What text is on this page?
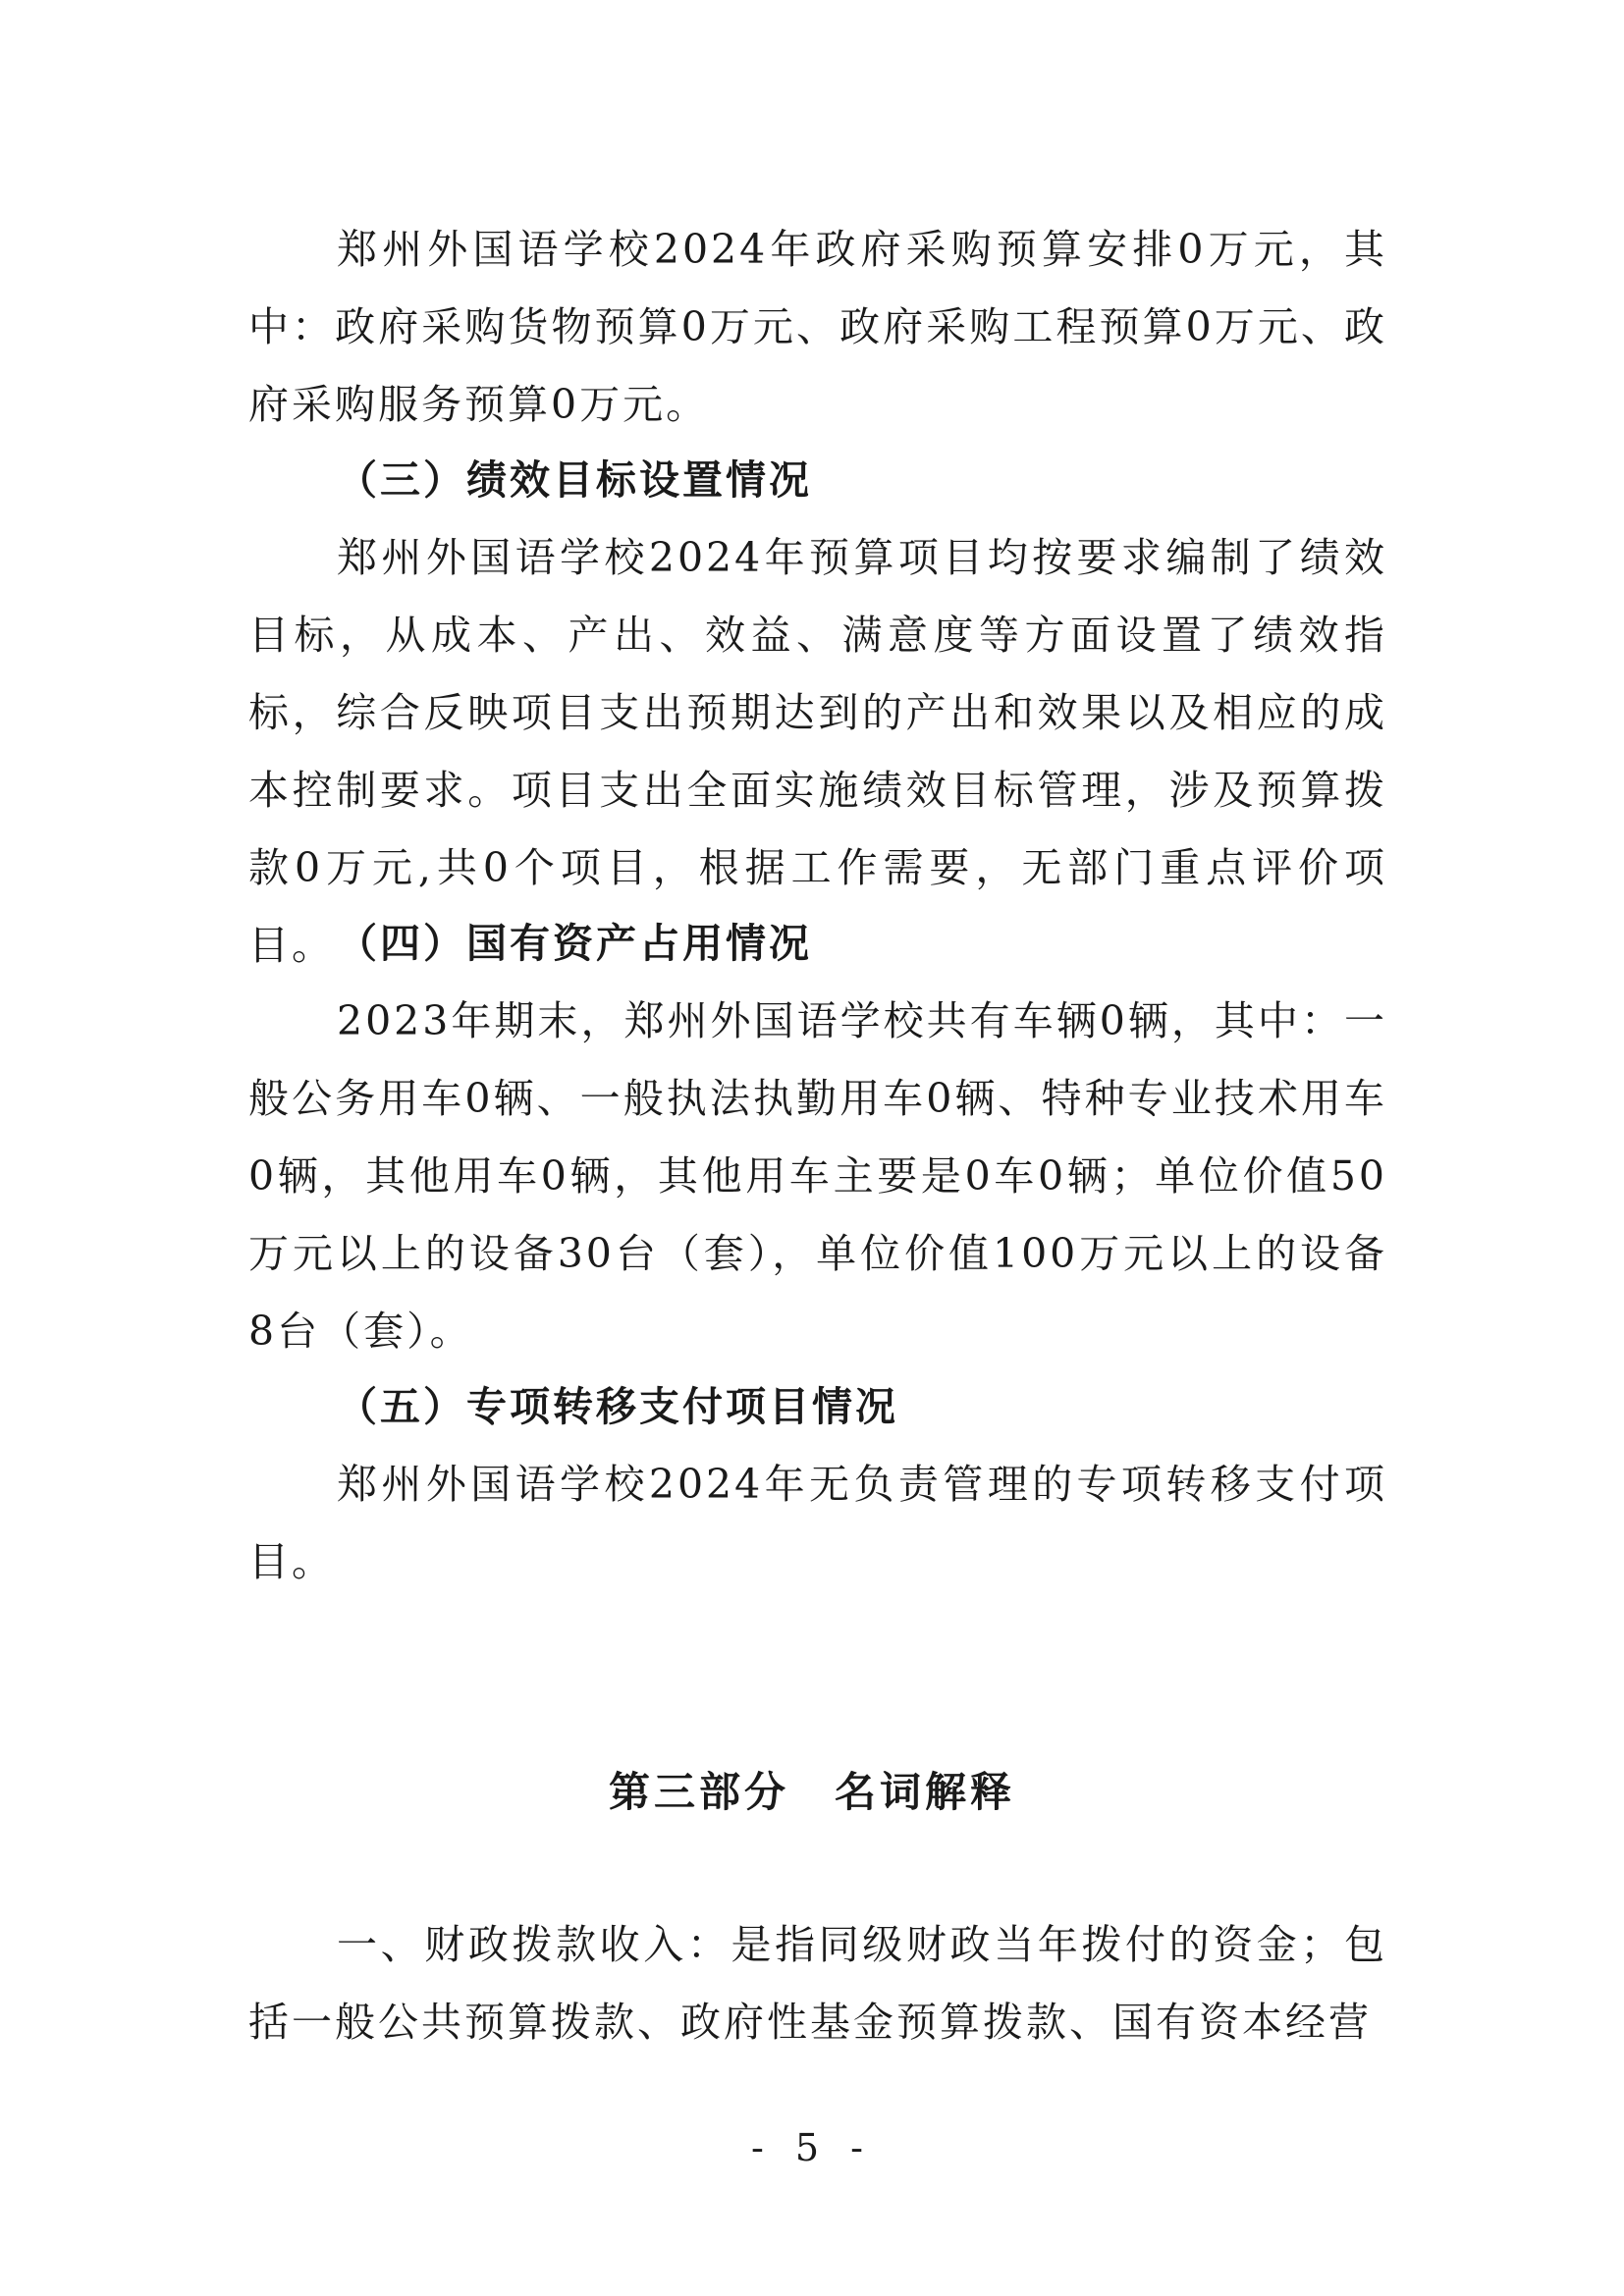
郑州外国语学校2024年政府采购预算安排0万元，其中：政府采购货物预算0万元、政府采购工程预算0万元、政府采购服务预算0万元。

（三）绩效目标设置情况

郑州外国语学校2024年预算项目均按要求编制了绩效目标，从成本、产出、效益、满意度等方面设置了绩效指标，综合反映项目支出预期达到的产出和效果以及相应的成本控制要求。项目支出全面实施绩效目标管理，涉及预算拨款0万元,共0个项目，根据工作需要，无部门重点评价项目。 （四）国有资产占用情况

2023年期末，郑州外国语学校共有车辆0辆，其中：一般公务用车0辆、一般执法执勤用车0辆、特种专业技术用车0辆，其他用车0辆，其他用车主要是0车0辆；单位价值50万元以上的设备30台（套），单位价值100万元以上的设备8台（套）。

（五）专项转移支付项目情况

郑州外国语学校2024年无负责管理的专项转移支付项目。

第三部分　名词解释

一、财政拨款收入：是指同级财政当年拨付的资金；包括一般公共预算拨款、政府性基金预算拨款、国有资本经营

- 5 -
